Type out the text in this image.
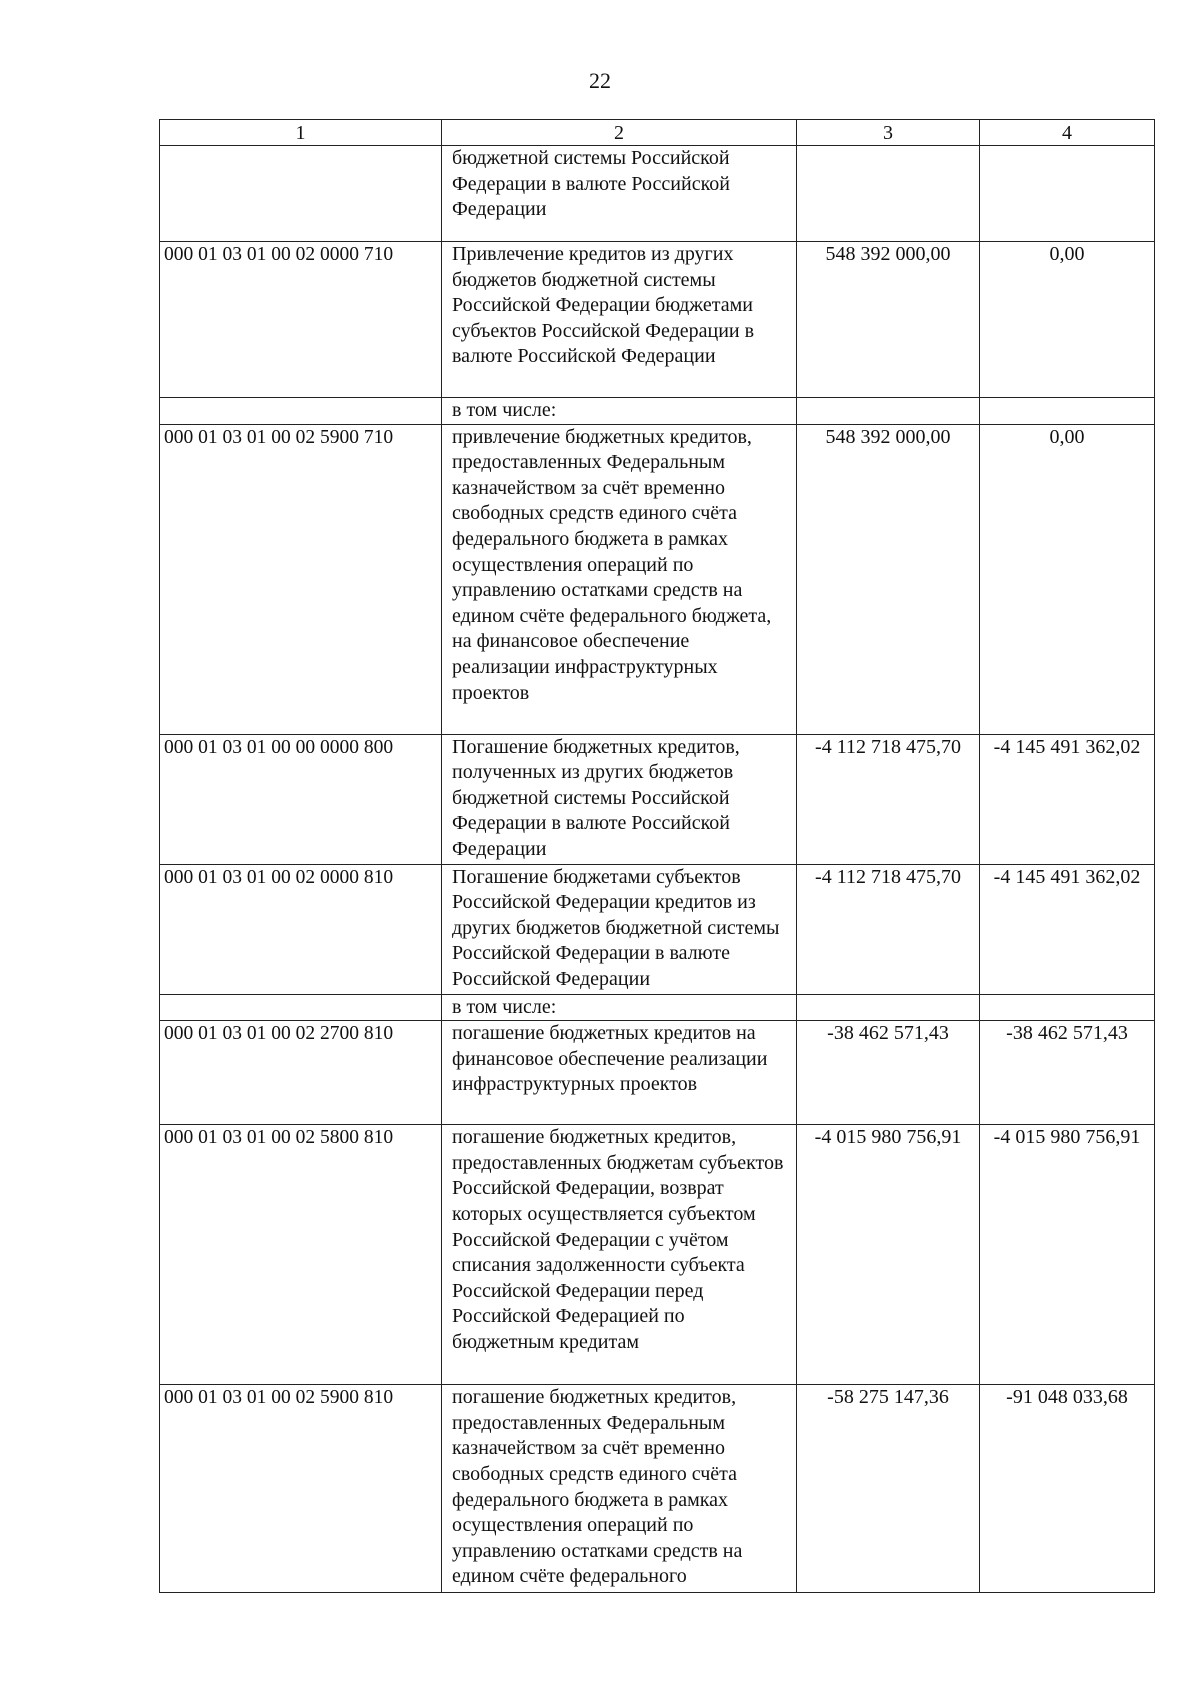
22
1	2	3	4
	бюджетной системы Российской Федерации в валюте Российской Федерации		
000 01 03 01 00 02 0000 710	Привлечение кредитов из других бюджетов бюджетной системы Российской Федерации бюджетами субъектов Российской Федерации в валюте Российской Федерации	548 392 000,00	0,00
	в том числе:		
000 01 03 01 00 02 5900 710	привлечение бюджетных кредитов, предоставленных Федеральным казначейством за счёт временно свободных средств единого счёта федерального бюджета в рамках осуществления операций по управлению остатками средств на едином счёте федерального бюджета, на финансовое обеспечение реализации инфраструктурных проектов	548 392 000,00	0,00
000 01 03 01 00 00 0000 800	Погашение бюджетных кредитов, полученных из других бюджетов бюджетной системы Российской Федерации в валюте Российской Федерации	-4 112 718 475,70	-4 145 491 362,02
000 01 03 01 00 02 0000 810	Погашение бюджетами субъектов Российской Федерации кредитов из других бюджетов бюджетной системы Российской Федерации в валюте Российской Федерации	-4 112 718 475,70	-4 145 491 362,02
	в том числе:		
000 01 03 01 00 02 2700 810	погашение бюджетных кредитов на финансовое обеспечение реализации инфраструктурных проектов	-38 462 571,43	-38 462 571,43
000 01 03 01 00 02 5800 810	погашение бюджетных кредитов, предоставленных бюджетам субъектов Российской Федерации, возврат которых осуществляется субъектом Российской Федерации с учётом списания задолженности субъекта Российской Федерации перед Российской Федерацией по бюджетным кредитам	-4 015 980 756,91	-4 015 980 756,91
000 01 03 01 00 02 5900 810	погашение бюджетных кредитов, предоставленных Федеральным казначейством за счёт временно свободных средств единого счёта федерального бюджета в рамках осуществления операций по управлению остатками средств на едином счёте федерального	-58 275 147,36	-91 048 033,68
